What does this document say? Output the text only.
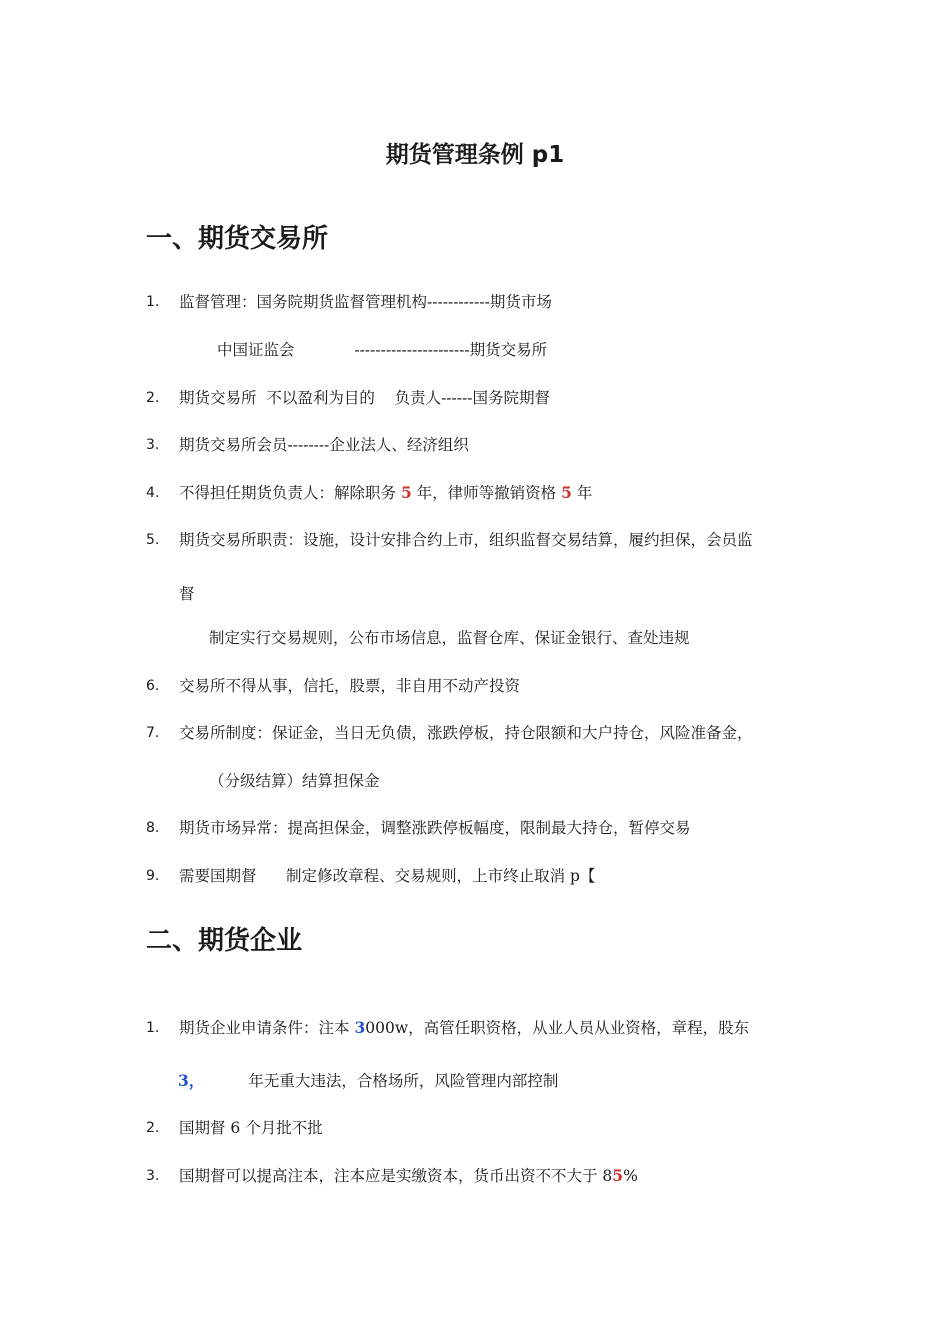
期货管理条例 p1
一、期货交易所
1. 监督管理：国务院期货监督管理机构------------期货市场
中国证监会	----------------------期货交易所
2. 期货交易所  不以盈利为目的    负责人------国务院期督
3. 期货交易所会员--------企业法人、经济组织
4. 不得担任期货负责人：解除职务 5 年，律师等撤销资格 5 年
5. 期货交易所职责：设施，设计安排合约上市，组织监督交易结算，履约担保，会员监
督
制定实行交易规则，公布市场信息，监督仓库、保证金银行、查处违规
6. 交易所不得从事，信托，股票，非自用不动产投资
7. 交易所制度：保证金，当日无负债，涨跌停板，持仓限额和大户持仓，风险准备金，
（分级结算）结算担保金
8. 期货市场异常：提高担保金，调整涨跌停板幅度，限制最大持仓，暂停交易
9. 需要国期督      制定修改章程、交易规则，上市终止取消 p【
二、期货企业
1. 期货企业申请条件：注本 3000w，高管任职资格，从业人员从业资格，章程，股东
3，	年无重大违法，合格场所，风险管理内部控制
2. 国期督 6 个月批不批
3. 国期督可以提高注本，注本应是实缴资本，货币出资不不大于 85%
